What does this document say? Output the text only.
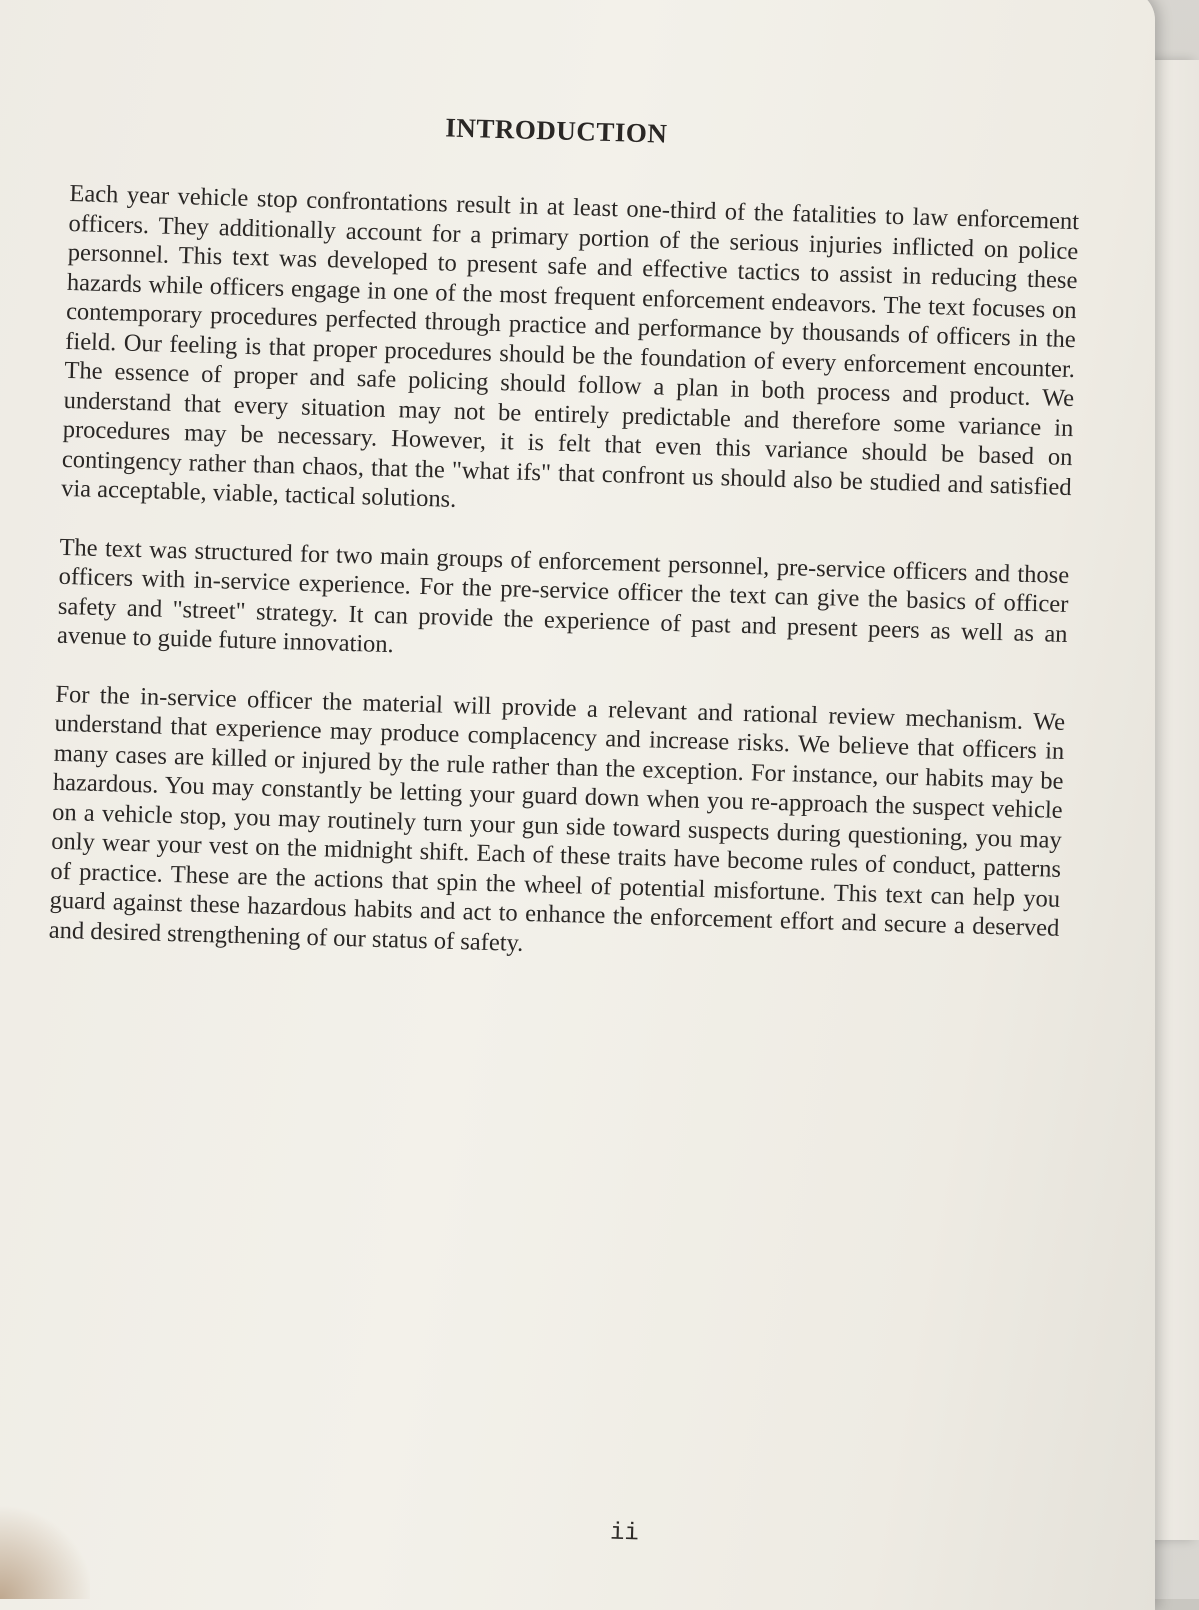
INTRODUCTION

Each year vehicle stop confrontations result in at least one-third of the fatalities to law enforcement officers. They additionally account for a primary portion of the serious injuries inflicted on police personnel. This text was developed to present safe and effective tactics to assist in reducing these hazards while officers engage in one of the most frequent enforcement endeavors. The text focuses on contemporary procedures perfected through practice and performance by thousands of officers in the field. Our feeling is that proper procedures should be the foundation of every enforcement encounter. The essence of proper and safe policing should follow a plan in both process and product. We understand that every situation may not be entirely predictable and therefore some variance in procedures may be necessary. However, it is felt that even this variance should be based on contingency rather than chaos, that the "what ifs" that confront us should also be studied and satisfied via acceptable, viable, tactical solutions.

The text was structured for two main groups of enforcement personnel, pre-service officers and those officers with in-service experience. For the pre-service officer the text can give the basics of officer safety and "street" strategy. It can provide the experience of past and present peers as well as an avenue to guide future innovation.

For the in-service officer the material will provide a relevant and rational review mechanism. We understand that experience may produce complacency and increase risks. We believe that officers in many cases are killed or injured by the rule rather than the exception. For instance, our habits may be hazardous. You may constantly be letting your guard down when you re-approach the suspect vehicle on a vehicle stop, you may routinely turn your gun side toward suspects during questioning, you may only wear your vest on the midnight shift. Each of these traits have become rules of conduct, patterns of practice. These are the actions that spin the wheel of potential misfortune. This text can help you guard against these hazardous habits and act to enhance the enforcement effort and secure a deserved and desired strengthening of our status of safety.

ii
